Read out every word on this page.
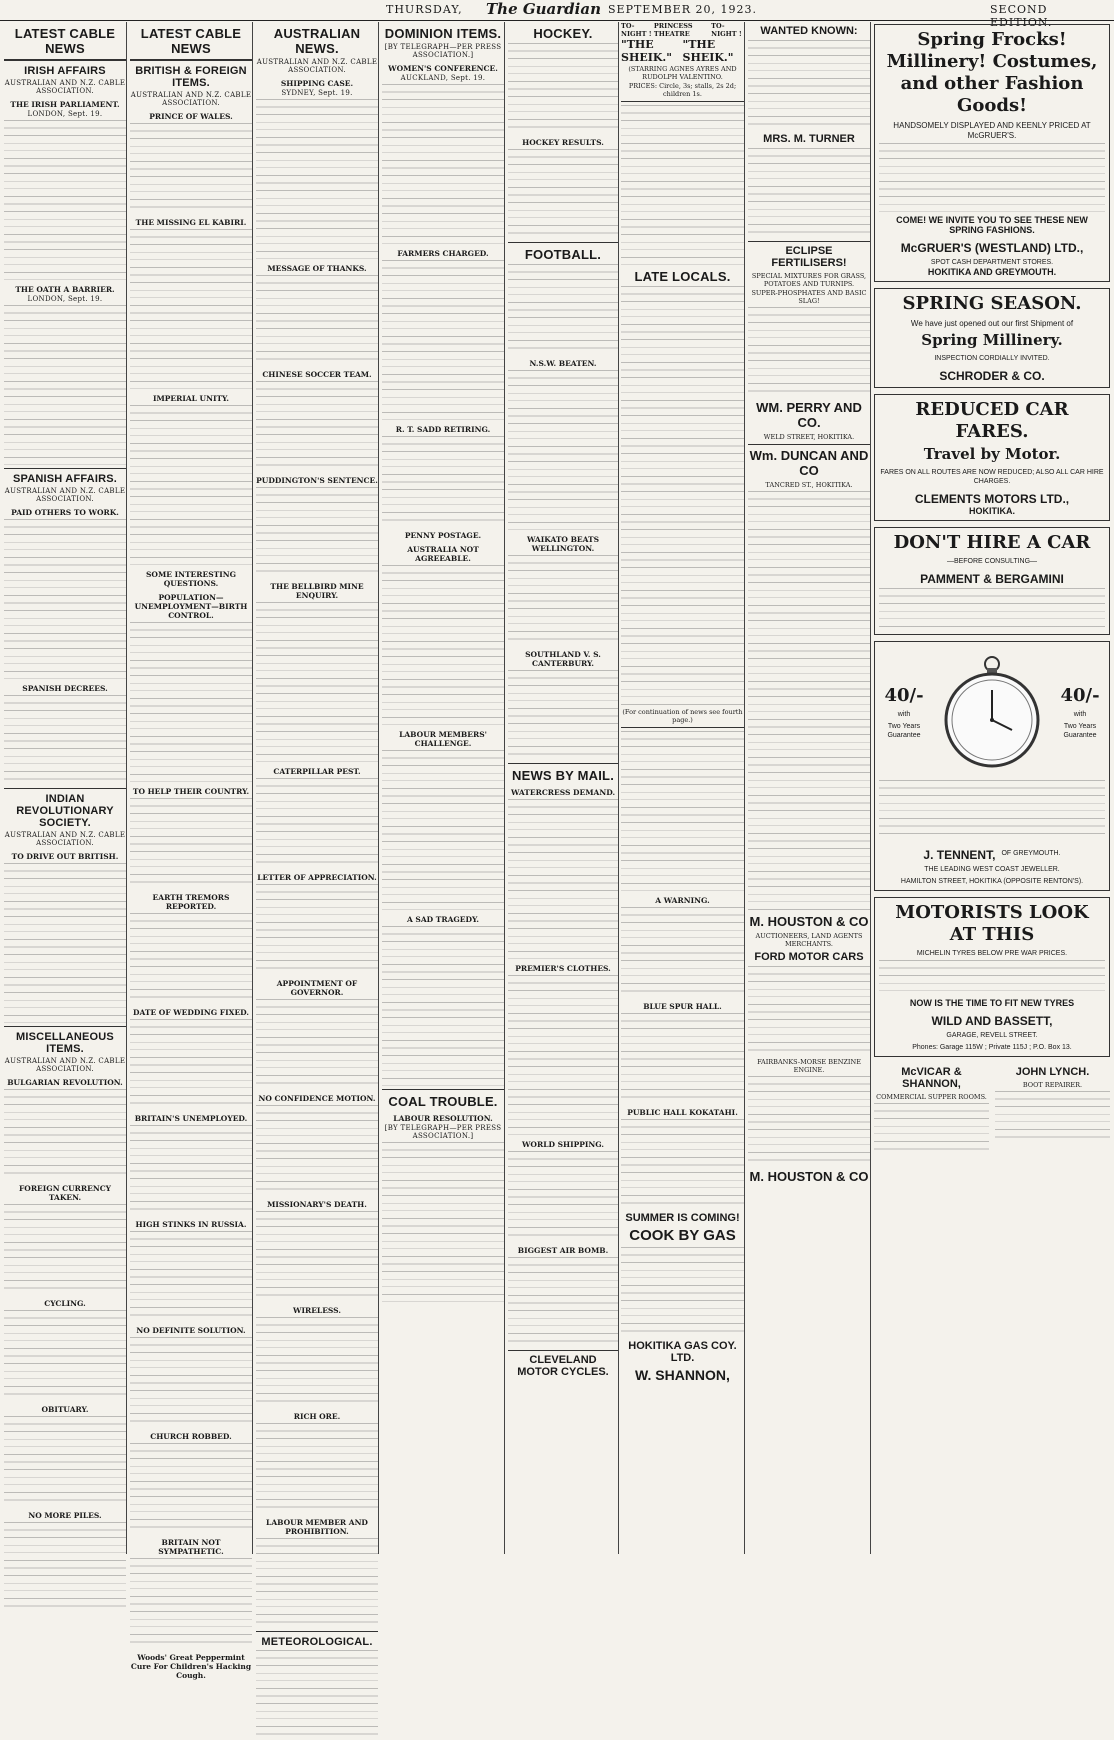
THURSDAY, The Guardian SEPTEMBER 20, 1923.	SECOND EDITION.
LATEST CABLE NEWS
IRISH AFFAIRS
AUSTRALIAN AND N.Z. CABLE ASSOCIATION.
THE IRISH PARLIAMENT.
LONDON, Sept. 19.
THE OATH A BARRIER.
LONDON, Sept. 19.
SPANISH AFFAIRS.
AUSTRALIAN AND N.Z. CABLE ASSOCIATION.
PAID OTHERS TO WORK.
SPANISH DECREES.
INDIAN REVOLUTIONARY SOCIETY.
AUSTRALIAN AND N.Z. CABLE ASSOCIATION.
TO DRIVE OUT BRITISH.
MISCELLANEOUS ITEMS.
AUSTRALIAN AND N.Z. CABLE ASSOCIATION.
BULGARIAN REVOLUTION.
FOREIGN CURRENCY TAKEN.
CYCLING.
OBITUARY.
NO MORE PILES.
LATEST CABLE NEWS
BRITISH & FOREIGN ITEMS.
AUSTRALIAN AND N.Z. CABLE ASSOCIATION.
PRINCE OF WALES.
THE MISSING EL KABIRI.
IMPERIAL UNITY.
SOME INTERESTING QUESTIONS.
POPULATION—UNEMPLOYMENT—BIRTH CONTROL.
TO HELP THEIR COUNTRY.
EARTH TREMORS REPORTED.
DATE OF WEDDING FIXED.
BRITAIN'S UNEMPLOYED.
HIGH STINKS IN RUSSIA.
NO DEFINITE SOLUTION.
CHURCH ROBBED.
BRITAIN NOT SYMPATHETIC.
Woods' Great Peppermint Cure For Children's Hacking Cough.
AUSTRALIAN NEWS.
AUSTRALIAN AND N.Z. CABLE ASSOCIATION.
SHIPPING CASE.
SYDNEY, Sept. 19.
MESSAGE OF THANKS.
CHINESE SOCCER TEAM.
PUDDINGTON'S SENTENCE.
THE BELLBIRD MINE ENQUIRY.
CATERPILLAR PEST.
LETTER OF APPRECIATION.
APPOINTMENT OF GOVERNOR.
NO CONFIDENCE MOTION.
MISSIONARY'S DEATH.
WIRELESS.
RICH ORE.
LABOUR MEMBER AND PROHIBITION.
METEOROLOGICAL.
DOMINION ITEMS.
[BY TELEGRAPH—PER PRESS ASSOCIATION.]
WOMEN'S CONFERENCE.
AUCKLAND, Sept. 19.
FARMERS CHARGED.
R. T. SADD RETIRING.
PENNY POSTAGE.
AUSTRALIA NOT AGREEABLE.
LABOUR MEMBERS' CHALLENGE.
A SAD TRAGEDY.
COAL TROUBLE.
LABOUR RESOLUTION.
[BY TELEGRAPH—PER PRESS ASSOCIATION.]
HOCKEY.
HOCKEY RESULTS.
FOOTBALL.
N.S.W. BEATEN.
WAIKATO BEATS WELLINGTON.
SOUTHLAND V. S. CANTERBURY.
NEWS BY MAIL.
WATERCRESS DEMAND.
PREMIER'S CLOTHES.
WORLD SHIPPING.
BIGGEST AIR BOMB.
CLEVELAND MOTOR CYCLES.
TO-NIGHT !
PRINCESS THEATRE
TO-NIGHT !
"THE SHEIK."
"THE SHEIK."
(STARRING AGNES AYRES AND RUDOLPH VALENTINO.
PRICES: Circle, 3s; stalls, 2s 2d; children 1s.
LATE LOCALS.
(For continuation of news see fourth page.)
A WARNING.
BLUE SPUR HALL.
PUBLIC HALL KOKATAHI.
SUMMER IS COMING!
COOK BY GAS
HOKITIKA GAS COY. LTD.
W. SHANNON,
WANTED KNOWN:
MRS. M. TURNER
ECLIPSE FERTILISERS!
SPECIAL MIXTURES FOR GRASS, POTATOES AND TURNIPS.
SUPER-PHOSPHATES AND BASIC SLAG!
WM. PERRY AND CO.
WELD STREET, HOKITIKA.
Wm. DUNCAN AND CO
TANCRED ST., HOKITIKA.
M. HOUSTON & CO
AUCTIONEERS, LAND AGENTS MERCHANTS.
FORD MOTOR CARS
FAIRBANKS-MORSE BENZINE ENGINE.
M. HOUSTON & CO
Spring Frocks! Millinery! Costumes, and other Fashion Goods!
HANDSOMELY DISPLAYED AND KEENLY PRICED AT McGRUER'S.
COME! WE INVITE YOU TO SEE THESE NEW SPRING FASHIONS.
McGRUER'S (WESTLAND) LTD.,
SPOT CASH DEPARTMENT STORES.
HOKITIKA AND GREYMOUTH.
SPRING SEASON.
We have just opened out our first Shipment of
Spring Millinery.
INSPECTION CORDIALLY INVITED.
SCHRODER & CO.
REDUCED CAR FARES.
Travel by Motor.
FARES ON ALL ROUTES ARE NOW REDUCED; ALSO ALL CAR HIRE CHARGES.
CLEMENTS MOTORS LTD.,
HOKITIKA.
DON'T HIRE A CAR
—BEFORE CONSULTING—
PAMMENT & BERGAMINI
40/-
with
Two Years Guarantee
40/-
with
Two Years Guarantee
J. TENNENT, OF GREYMOUTH.
THE LEADING WEST COAST JEWELLER.
HAMILTON STREET, HOKITIKA (OPPOSITE RENTON'S).
MOTORISTS LOOK AT THIS
MICHELIN TYRES BELOW PRE WAR PRICES.
NOW IS THE TIME TO FIT NEW TYRES
WILD AND BASSETT,
GARAGE, REVELL STREET.
Phones: Garage 115W ; Private 115J ; P.O. Box 13.
McVICAR & SHANNON,
COMMERCIAL SUPPER ROOMS.
JOHN LYNCH.
BOOT REPAIRER.
